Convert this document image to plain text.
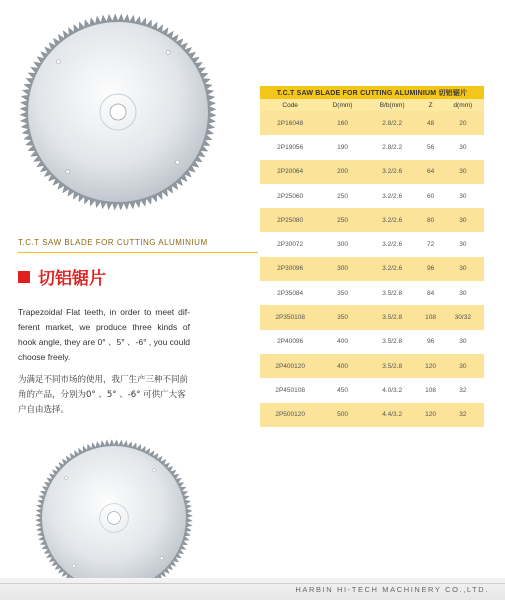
T.C.T SAW BLADE FOR CUTTING ALUMINIUM
切铝锯片
Trapezoidal Flat teeth, in order to meet dif- ferent market, we produce three kinds of hook angle, they are 0° 、5° 、-6° , you could choose freely.
为满足不同市场的使用，我厂生产三种不同前角的产品，分别为0° 、5° 、-6° 可供广大客户自由选择。
T.C.T SAW BLADE FOR CUTTING ALUMINIUM 切铝锯片				
Code	D(mm)	B/b(mm)	Z	d(mm)
2P16048	160	2.8/2.2	48	20
2P19056	190	2.8/2.2	56	30
2P20064	200	3.2/2.6	64	30
2P25060	250	3.2/2.6	60	30
2P25080	250	3.2/2.6	80	30
2P30072	300	3.2/2.6	72	30
2P30096	300	3.2/2.6	96	30
2P35084	350	3.5/2.8	84	30
2P350108	350	3.5/2.8	108	30/32
2P40096	400	3.5/2.8	96	30
2P400120	400	3.5/2.8	120	30
2P450108	450	4.0/3.2	108	32
2P500120	500	4.4/3.2	120	32
HARBIN HI-TECH MACHINERY CO.,LTD.
